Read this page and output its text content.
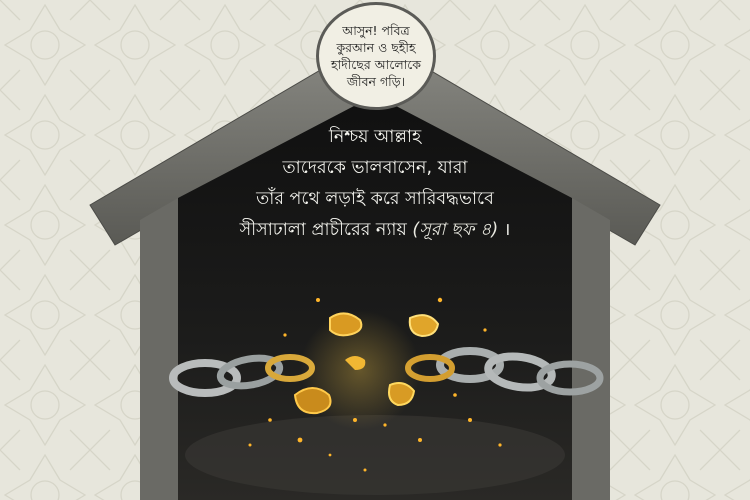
আসুন! পবিত্র
কুরআন ও ছহীহ
হাদীছের আলোকে
জীবন গড়ি।
নিশ্চয় আল্লাহ
তাদেরকে ভালবাসেন, যারা
তাঁর পথে লড়াই করে সারিবদ্ধভাবে
সীসাঢালা প্রাচীরের ন্যায় (সূরা ছফ ৪) ।
